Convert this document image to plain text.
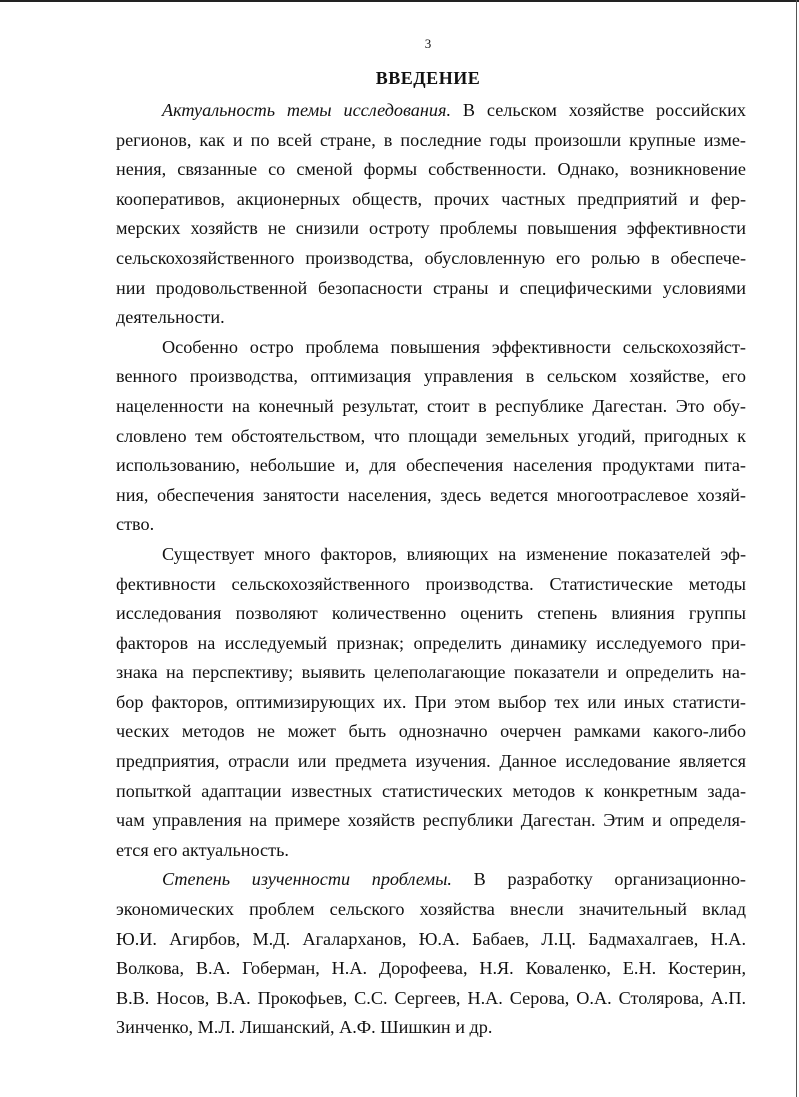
3
ВВЕДЕНИЕ
Актуальность темы исследования. В сельском хозяйстве российских
регионов, как и по всей стране, в последние годы произошли крупные изме-
нения, связанные со сменой формы собственности. Однако, возникновение
кооперативов, акционерных обществ, прочих частных предприятий и фер-
мерских хозяйств не снизили остроту проблемы повышения эффективности
сельскохозяйственного производства, обусловленную его ролью в обеспече-
нии продовольственной безопасности страны и специфическими условиями
деятельности.
Особенно остро проблема повышения эффективности сельскохозяйст-
венного производства, оптимизация управления в сельском хозяйстве, его
нацеленности на конечный результат, стоит в республике Дагестан. Это обу-
словлено тем обстоятельством, что площади земельных угодий, пригодных к
использованию, небольшие и, для обеспечения населения продуктами пита-
ния, обеспечения занятости населения, здесь ведется многоотраслевое хозяй-
ство.
Существует много факторов, влияющих на изменение показателей эф-
фективности сельскохозяйственного производства. Статистические методы
исследования позволяют количественно оценить степень влияния группы
факторов на исследуемый признак; определить динамику исследуемого при-
знака на перспективу; выявить целеполагающие показатели и определить на-
бор факторов, оптимизирующих их. При этом выбор тех или иных статисти-
ческих методов не может быть однозначно очерчен рамками какого-либо
предприятия, отрасли или предмета изучения. Данное исследование является
попыткой адаптации известных статистических методов к конкретным зада-
чам управления на примере хозяйств республики Дагестан. Этим и определя-
ется его актуальность.
Степень изученности проблемы. В разработку организационно-
экономических проблем сельского хозяйства внесли значительный вклад
Ю.И. Агирбов, М.Д. Агаларханов, Ю.А. Бабаев, Л.Ц. Бадмахалгаев, Н.А.
Волкова, В.А. Гоберман, Н.А. Дорофеева, Н.Я. Коваленко, Е.Н. Костерин,
В.В. Носов, В.А. Прокофьев, С.С. Сергеев, Н.А. Серова, О.А. Столярова, А.П.
Зинченко, М.Л. Лишанский, А.Ф. Шишкин и др.
